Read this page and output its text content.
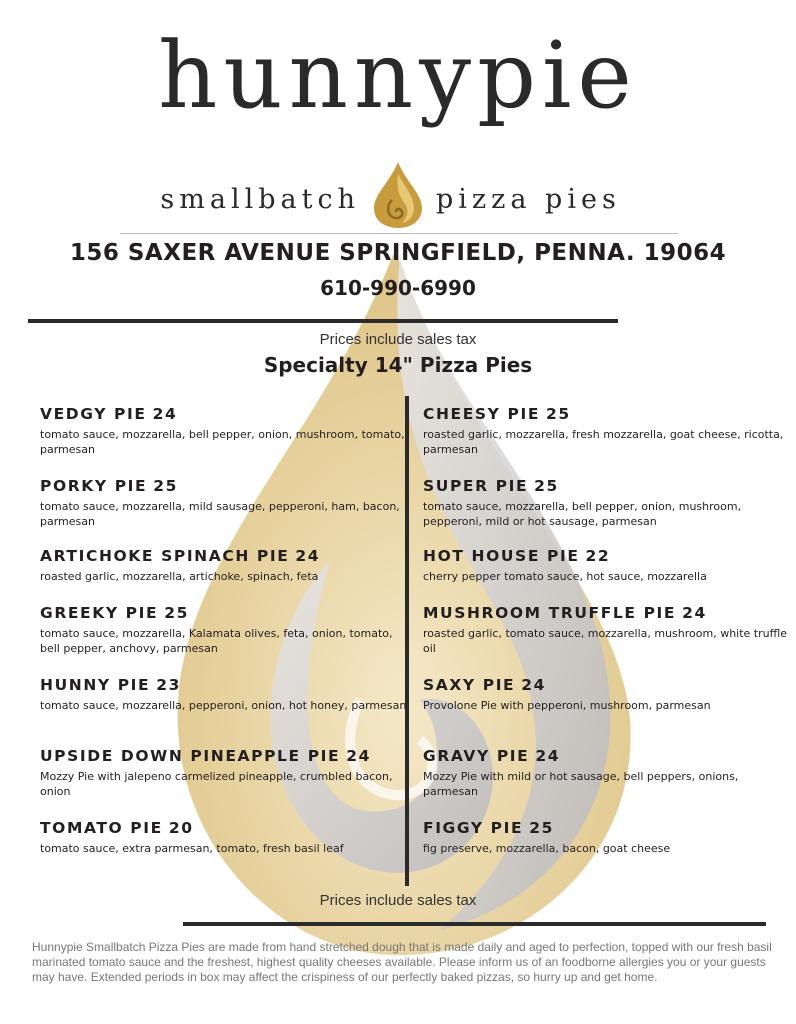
hunnypie
smallbatch	pizza pies
156 SAXER AVENUE SPRINGFIELD, PENNA. 19064
610-990-6990
Prices include sales tax
Specialty 14" Pizza Pies
VEDGY PIE 24
tomato sauce, mozzarella, bell pepper, onion, mushroom, tomato, parmesan
PORKY PIE 25
tomato sauce, mozzarella, mild sausage, pepperoni, ham, bacon, parmesan
ARTICHOKE SPINACH PIE 24
roasted garlic, mozzarella, artichoke, spinach, feta
GREEKY PIE 25
tomato sauce, mozzarella, Kalamata olives, feta, onion, tomato, bell pepper, anchovy, parmesan
HUNNY PIE 23
tomato sauce, mozzarella, pepperoni, onion, hot honey, parmesan
UPSIDE DOWN PINEAPPLE PIE 24
Mozzy Pie with jalepeno carmelized pineapple, crumbled bacon, onion
TOMATO PIE 20
tomato sauce, extra parmesan, tomato, fresh basil leaf
CHEESY PIE 25
roasted garlic, mozzarella, fresh mozzarella, goat cheese, ricotta, parmesan
SUPER PIE 25
tomato sauce, mozzarella, bell pepper, onion, mushroom, pepperoni, mild or hot sausage, parmesan
HOT HOUSE PIE 22
cherry pepper tomato sauce, hot sauce, mozzarella
MUSHROOM TRUFFLE PIE 24
roasted garlic, tomato sauce, mozzarella, mushroom, white truffle oil
SAXY PIE 24
Provolone Pie with pepperoni, mushroom, parmesan
GRAVY PIE 24
Mozzy Pie with mild or hot sausage, bell peppers, onions, parmesan
FIGGY PIE 25
fig preserve, mozzarella, bacon, goat cheese
Prices include sales tax
Hunnypie Smallbatch Pizza Pies are made from hand stretched dough that is made daily and aged to perfection, topped with our fresh basil marinated tomato sauce and the freshest, highest quality cheeses available. Please inform us of an foodborne allergies you or your guests may have. Extended periods in box may affect the crispiness of our perfectly baked pizzas, so hurry up and get home.
